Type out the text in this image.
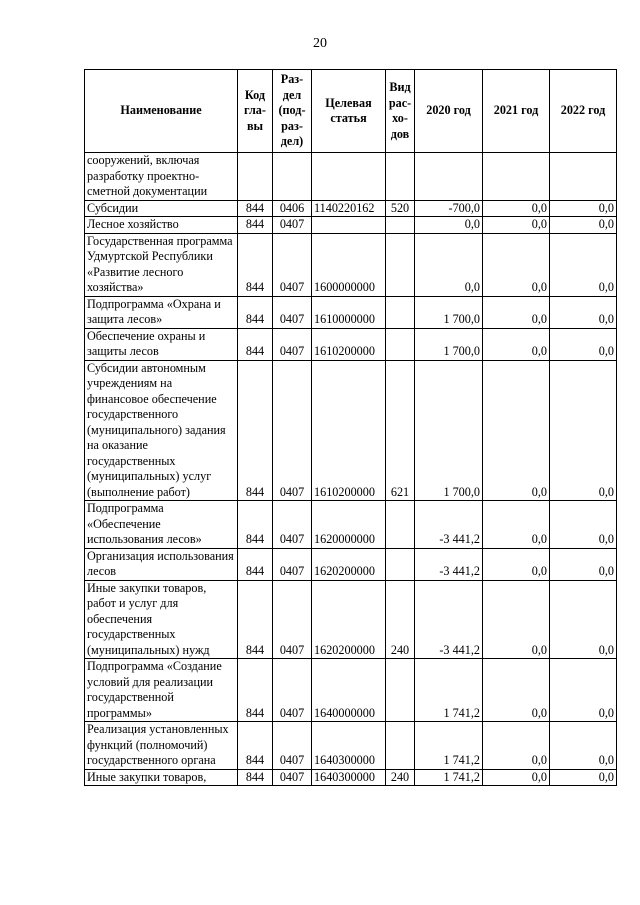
20
Наименование	Код гла- вы	Раз- дел (под- раз- дел)	Целевая статья	Вид рас- хо- дов	2020 год	2021 год	2022 год
сооружений, включая разработку проектно-сметной документации							
Субсидии	844	0406	1140220162	520	-700,0	0,0	0,0
Лесное хозяйство	844	0407			0,0	0,0	0,0
Государственная программа Удмуртской Республики «Развитие лесного хозяйства»	844	0407	1600000000		0,0	0,0	0,0
Подпрограмма «Охрана и защита лесов»	844	0407	1610000000		1 700,0	0,0	0,0
Обеспечение охраны и защиты лесов	844	0407	1610200000		1 700,0	0,0	0,0
Субсидии автономным учреждениям на финансовое обеспечение государственного (муниципального) задания на оказание государственных (муниципальных) услуг (выполнение работ)	844	0407	1610200000	621	1 700,0	0,0	0,0
Подпрограмма «Обеспечение использования лесов»	844	0407	1620000000		-3 441,2	0,0	0,0
Организация использования лесов	844	0407	1620200000		-3 441,2	0,0	0,0
Иные закупки товаров, работ и услуг для обеспечения государственных (муниципальных) нужд	844	0407	1620200000	240	-3 441,2	0,0	0,0
Подпрограмма «Создание условий для реализации государственной программы»	844	0407	1640000000		1 741,2	0,0	0,0
Реализация установленных функций (полномочий) государственного органа	844	0407	1640300000		1 741,2	0,0	0,0
Иные закупки товаров,	844	0407	1640300000	240	1 741,2	0,0	0,0
